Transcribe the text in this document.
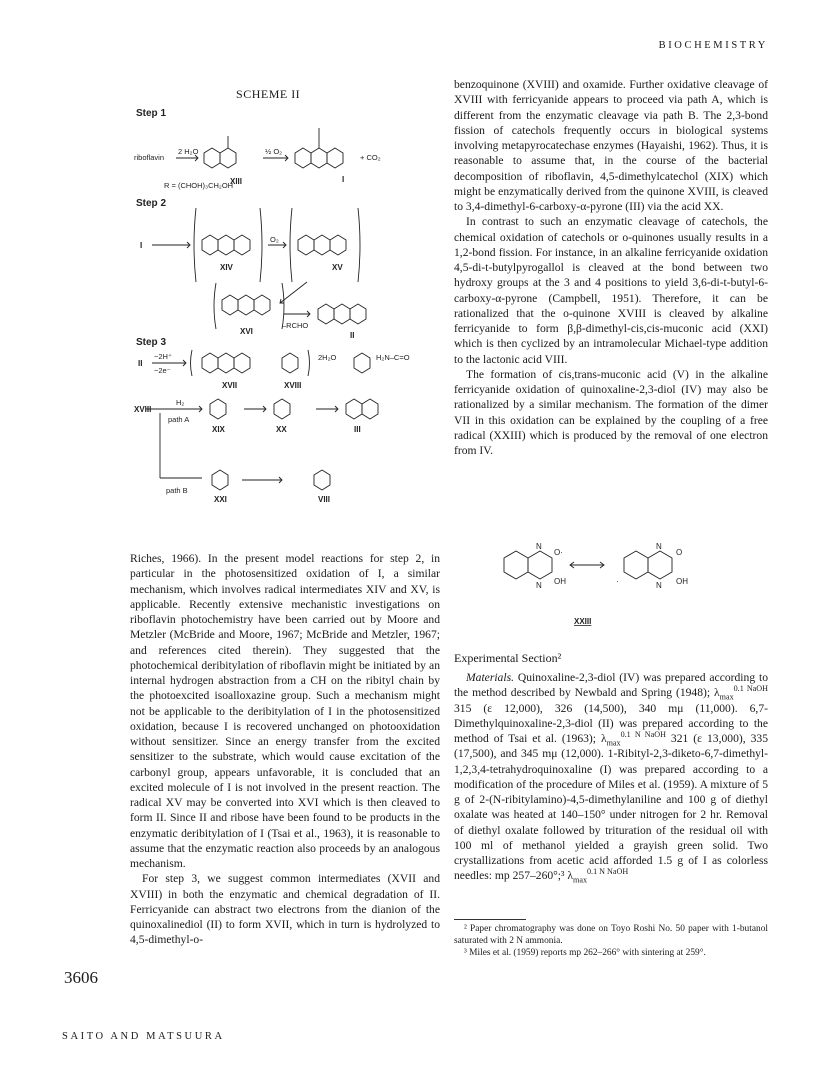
BIOCHEMISTRY
3606
SAITO AND MATSUURA
SCHEME II
Step 1
Step 2
Step 3
riboflavin
R = (CHOH)₃CH₂OH
2 H₂O	½ O₂
+ CO₂
O₂
–RCHO
2H₂O
−2H⁺
−2e⁻
H₂
path A
path B
H₂N–C=O
XIII	I
I
XIV	XV
XVI	II
II
XVII	XVIII
XVIII
XIX	XX	III
XXI	VIII

Riches, 1966). In the present model reactions for step 2, in particular in the photosensitized oxidation of I, a similar mechanism, which involves radical intermediates XIV and XV, is applicable. Recently extensive mechanistic investigations on riboflavin photochemistry have been carried out by Moore and Metzler (McBride and Moore, 1967; McBride and Metzler, 1967; and references cited therein). They suggested that the photochemical deribitylation of riboflavin might be initiated by an internal hydrogen abstraction from a CH on the ribityl chain by the photoexcited isoalloxazine group. Such a mechanism might not be applicable to the deribitylation of I in the photosensitized oxidation, because I is recovered unchanged on photooxidation without sensitizer. Since an energy transfer from the excited sensitizer to the substrate, which would cause excitation of the carbonyl group, appears unfavorable, it is concluded that an excited molecule of I is not involved in the present reaction. The radical XV may be converted into XVI which is then cleaved to form II. Since II and ribose have been found to be products in the enzymatic deribitylation of I (Tsai et al., 1963), it is reasonable to assume that the enzymatic reaction also proceeds by an analogous mechanism.

For step 3, we suggest common intermediates (XVII and XVIII) in both the enzymatic and chemical degradation of II. Ferricyanide can abstract two electrons from the dianion of the quinoxalinediol (II) to form XVII, which in turn is hydrolyzed to 4,5-dimethyl-o-

benzoquinone (XVIII) and oxamide. Further oxidative cleavage of XVIII with ferricyanide appears to proceed via path A, which is different from the enzymatic cleavage via path B. The 2,3-bond fission of catechols frequently occurs in biological systems involving metapyrocatechase enzymes (Hayaishi, 1962). Thus, it is reasonable to assume that, in the course of the bacterial decomposition of riboflavin, 4,5-dimethylcatechol (XIX) which might be enzymatically derived from the quinone XVIII, is cleaved to 3,4-dimethyl-6-carboxy-α-pyrone (III) via the acid XX.

In contrast to such an enzymatic cleavage of catechols, the chemical oxidation of catechols or o-quinones usually results in a 1,2-bond fission. For instance, in an alkaline ferricyanide oxidation 4,5-di-t-butylpyrogallol is cleaved at the bond between two hydroxy groups at the 3 and 4 positions to yield 3,6-di-t-butyl-6-carboxy-α-pyrone (Campbell, 1951). Therefore, it can be rationalized that the o-quinone XVIII is cleaved by alkaline ferricyanide to form β,β-dimethyl-cis,cis-muconic acid (XXI) which is then cyclized by an intramolecular Michael-type addition to the lactonic acid VIII.

The formation of cis,trans-muconic acid (V) in the alkaline ferricyanide oxidation of quinoxaline-2,3-diol (IV) may also be rationalized by a similar mechanism. The formation of the dimer VII in this oxidation can be explained by the coupling of a free radical (XXIII) which is produced by the removal of one electron from IV.

N
O·
N OH
N
O
·	N OH
XXIII
Experimental Section²

Materials. Quinoxaline-2,3-diol (IV) was prepared according to the method described by Newbald and Spring (1948); $\lambda_{max}^{0.1 NaOH}$ 315 (ε 12,000), 326 (14,500), 340 mμ (11,000). 6,7-Dimethylquinoxaline-2,3-diol (II) was prepared according to the method of Tsai et al. (1963); $\lambda_{max}^{0.1 N NaOH}$ 321 (ε 13,000), 335 (17,500), and 345 mμ (12,000). 1-Ribityl-2,3-diketo-6,7-dimethyl-1,2,3,4-tetrahydroquinoxaline (I) was prepared according to a modification of the procedure of Miles et al. (1959). A mixture of 5 g of 2-(N-ribitylamino)-4,5-dimethylaniline and 100 g of diethyl oxalate was heated at 140–150° under nitrogen for 2 hr. Removal of diethyl oxalate followed by trituration of the residual oil with 100 ml of methanol yielded a grayish green solid. Two crystallizations from acetic acid afforded 1.5 g of I as colorless needles: mp 257–260°;³ $\lambda_{max}^{0.1 N NaOH}$

² Paper chromatography was done on Toyo Roshi No. 50 paper with 1-butanol saturated with 2 N ammonia.

³ Miles et al. (1959) reports mp 262–266° with sintering at 259°.
